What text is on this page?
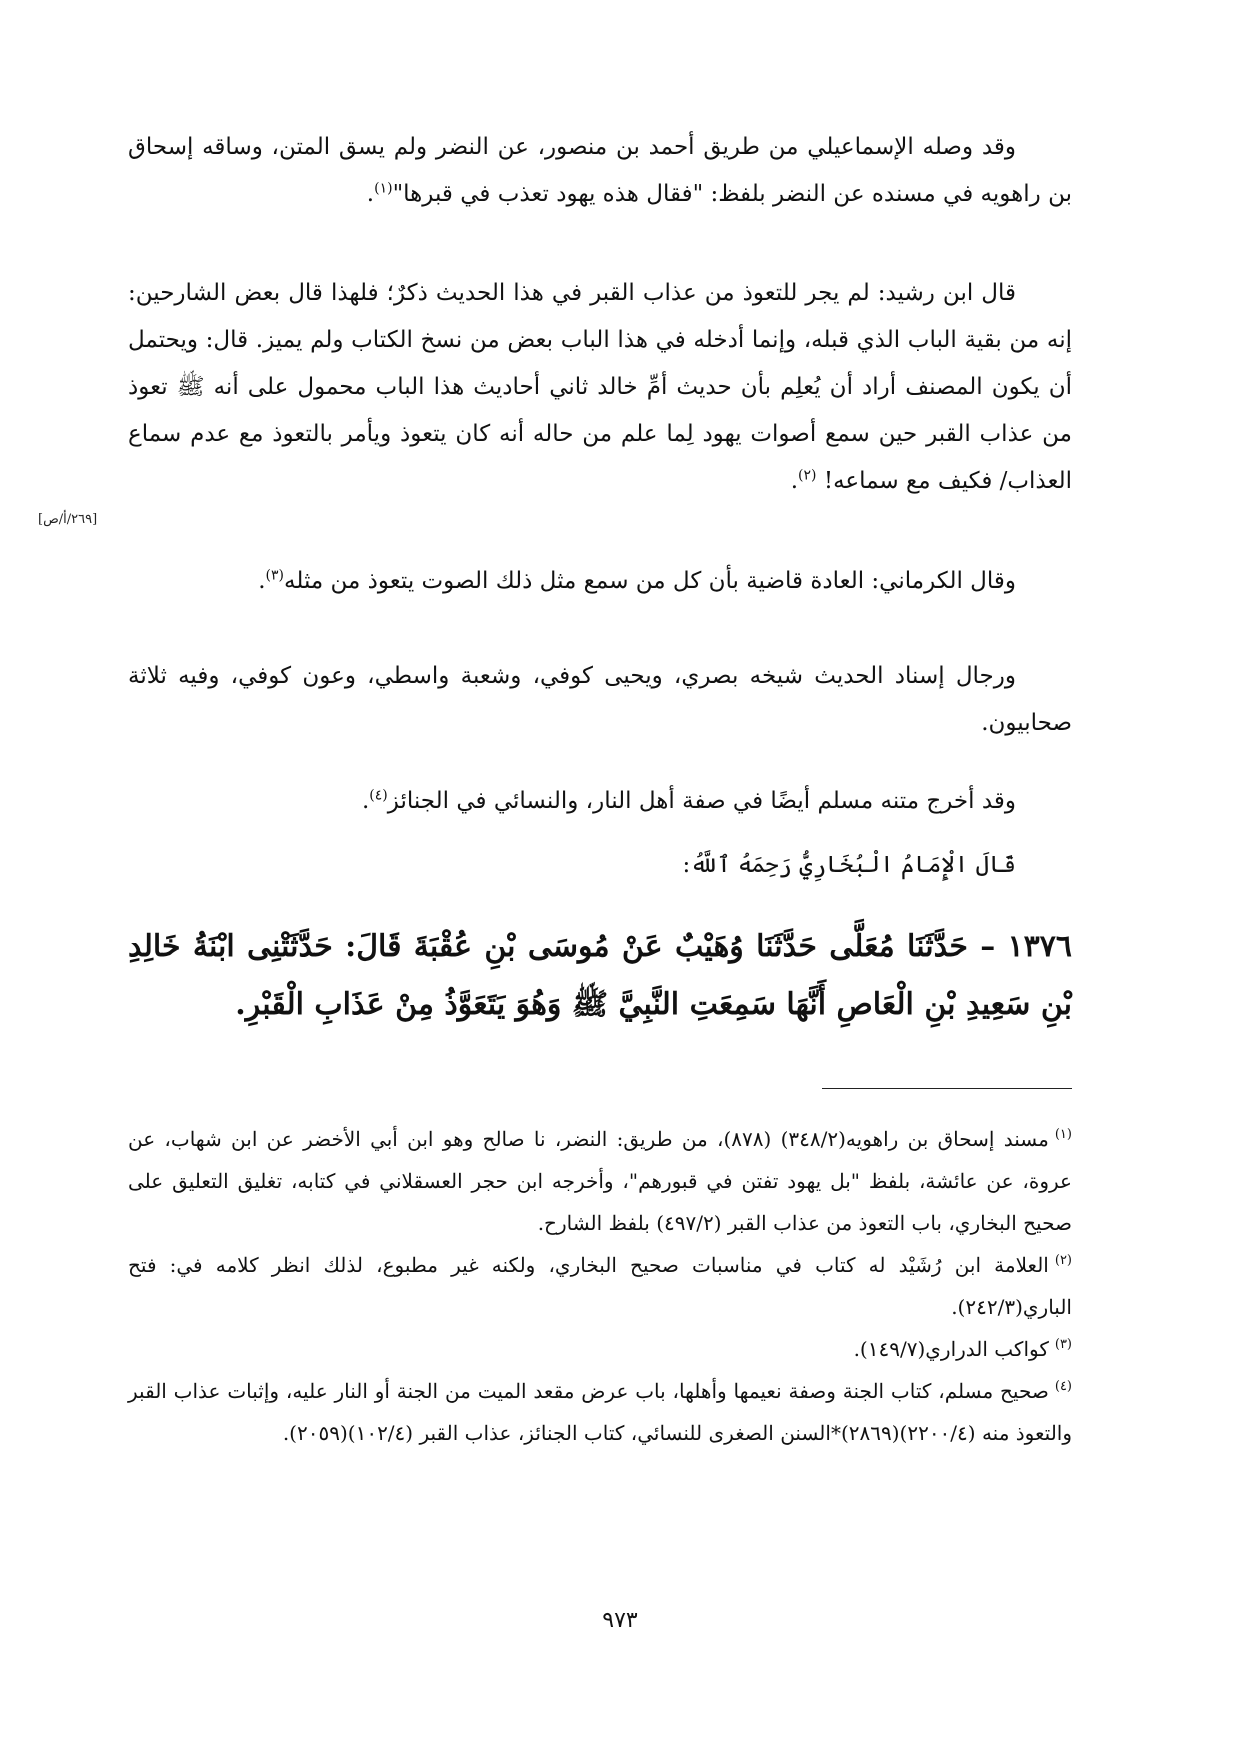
وقد وصله الإسماعيلي من طريق أحمد بن منصور، عن النضر ولم يسق المتن، وساقه إسحاق بن راهويه في مسنده عن النضر بلفظ: "فقال هذه يهود تعذب في قبرها"$^{(١)}$.

قال ابن رشيد: لم يجر للتعوذ من عذاب القبر في هذا الحديث ذكرٌ؛ فلهذا قال بعض الشارحين: إنه من بقية الباب الذي قبله، وإنما أدخله في هذا الباب بعض من نسخ الكتاب ولم يميز. قال: ويحتمل أن يكون المصنف أراد أن يُعلِم بأن حديث أمِّ خالد ثاني أحاديث هذا الباب محمول على أنه ﷺ تعوذ من عذاب القبر حين سمع أصوات يهود لِما علم من حاله أنه كان يتعوذ ويأمر بالتعوذ مع عدم سماع العذاب/ فكيف مع سماعه! $^{(٢)}$.

[٢٦٩/أ/ص]

وقال الكرماني: العادة قاضية بأن كل من سمع مثل ذلك الصوت يتعوذ من مثله$^{(٣)}$.

ورجال إسناد الحديث شيخه بصري، ويحيى كوفي، وشعبة واسطي، وعون كوفي، وفيه ثلاثة صحابيون.

وقد أخرج متنه مسلم أيضًا في صفة أهل النار، والنسائي في الجنائز$^{(٤)}$.

قَالَ الْإِمَامُ الْبُخَارِيُّ رَحِمَهُ ٱللَّهُ:

١٣٧٦ – حَدَّثَنَا مُعَلَّى حَدَّثَنَا وُهَيْبٌ عَنْ مُوسَى بْنِ عُقْبَةَ قَالَ: حَدَّثَتْنِى ابْنَةُ خَالِدِ بْنِ سَعِيدِ بْنِ الْعَاصِ أَنَّهَا سَمِعَتِ النَّبِيَّ ﷺ وَهُوَ يَتَعَوَّذُ مِنْ عَذَابِ الْقَبْرِ.

$^{(١)}$مسند إسحاق بن راهويه(٣٤٨/٢) (٨٧٨)، من طريق: النضر، نا صالح وهو ابن أبي الأخضر عن ابن شهاب، عن عروة، عن عائشة، بلفظ "بل يهود تفتن في قبورهم"، وأخرجه ابن حجر العسقلاني في كتابه، تغليق التعليق على صحيح البخاري، باب التعوذ من عذاب القبر (٤٩٧/٢) بلفظ الشارح.

$^{(٢)}$العلامة ابن رُشَيْد له كتاب في مناسبات صحيح البخاري، ولكنه غير مطبوع، لذلك انظر كلامه في: فتح الباري(٢٤٢/٣).

$^{(٣)}$كواكب الدراري(١٤٩/٧).

$^{(٤)}$صحيح مسلم، كتاب الجنة وصفة نعيمها وأهلها، باب عرض مقعد الميت من الجنة أو النار عليه، وإثبات عذاب القبر والتعوذ منه (٢٢٠٠/٤)(٢٨٦٩)*السنن الصغرى للنسائي، كتاب الجنائز، عذاب القبر (١٠٢/٤)(٢٠٥٩).

٩٧٣
